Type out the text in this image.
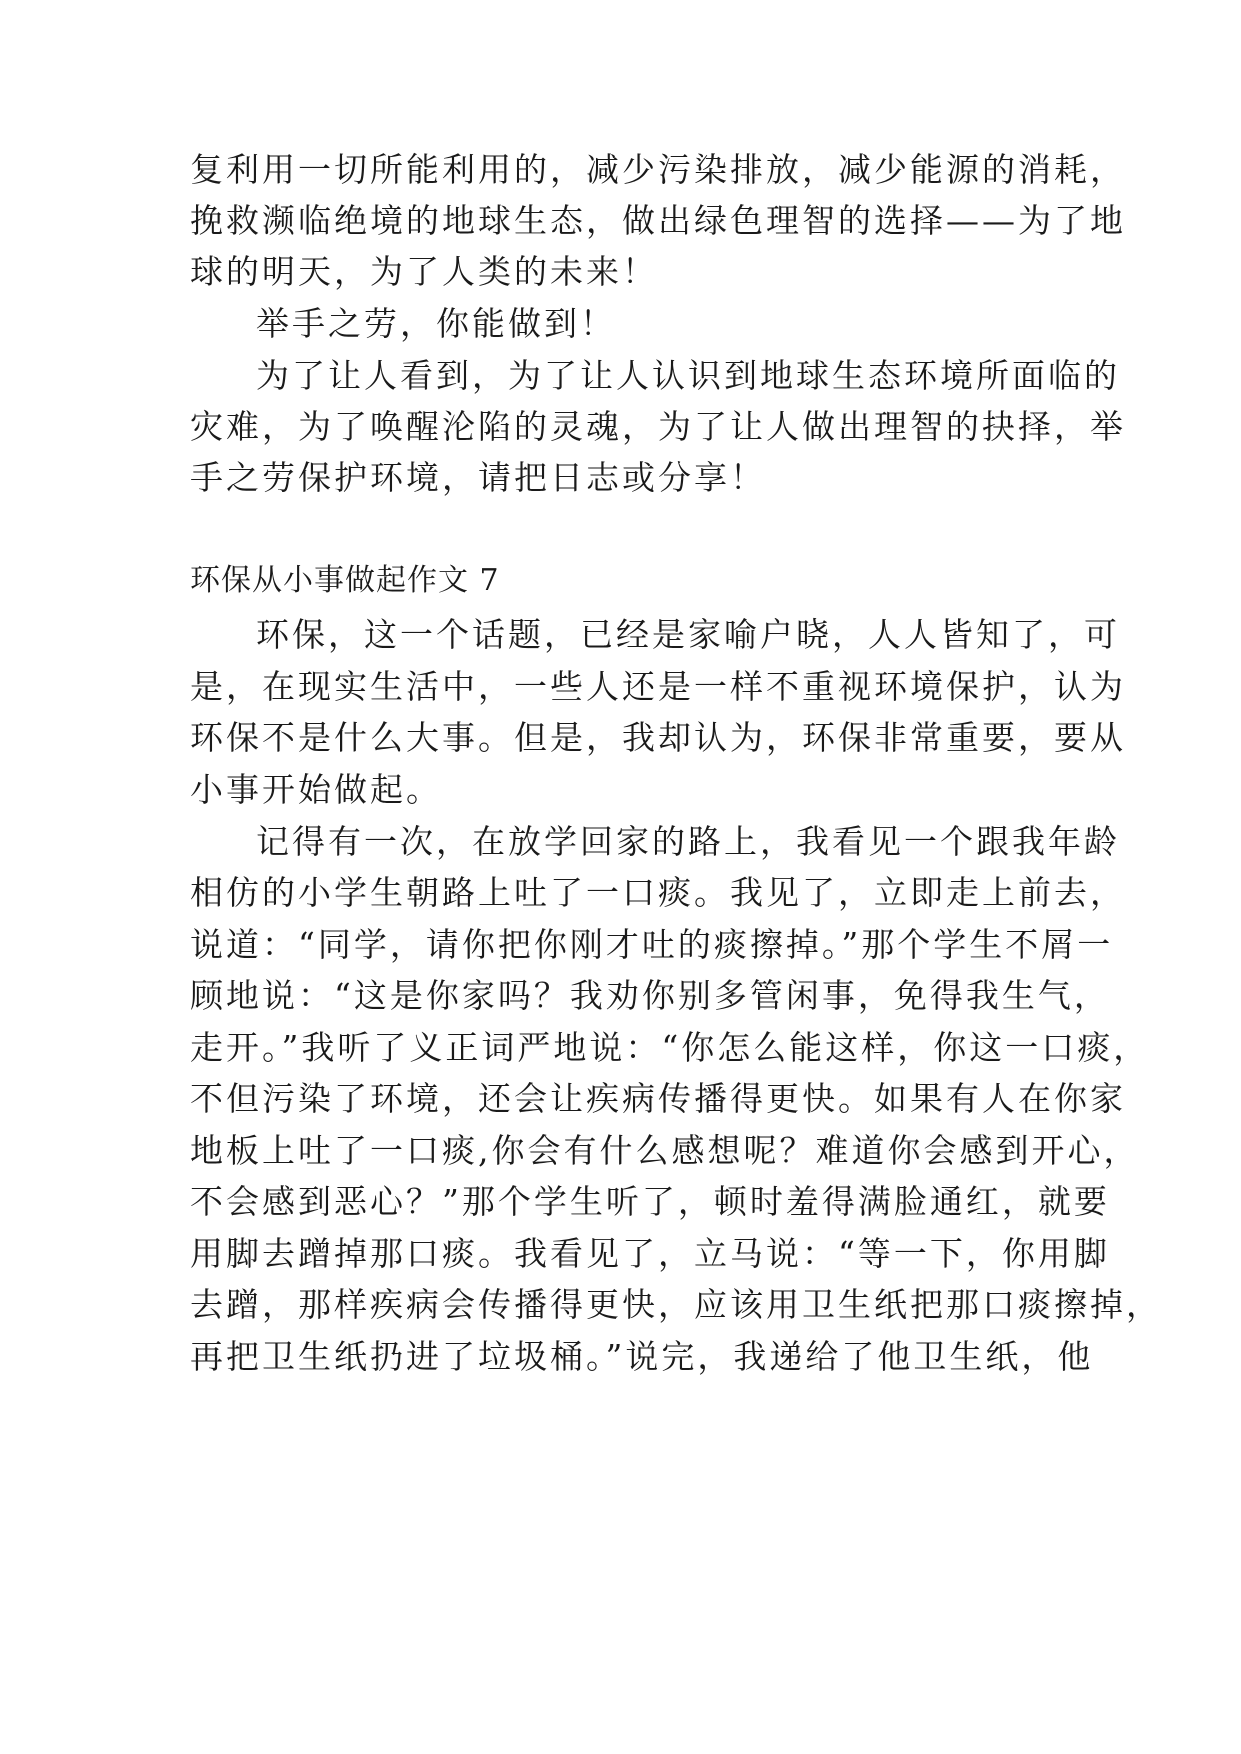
复利用一切所能利用的，减少污染排放，减少能源的消耗，
挽救濒临绝境的地球生态，做出绿色理智的选择——为了地
球的明天，为了人类的未来！
举手之劳，你能做到！
为了让人看到，为了让人认识到地球生态环境所面临的
灾难，为了唤醒沦陷的灵魂，为了让人做出理智的抉择，举
手之劳保护环境，请把日志或分享！
环保从小事做起作文 7
环保，这一个话题，已经是家喻户晓，人人皆知了，可
是，在现实生活中，一些人还是一样不重视环境保护，认为
环保不是什么大事。但是，我却认为，环保非常重要，要从
小事开始做起。
记得有一次，在放学回家的路上，我看见一个跟我年龄
相仿的小学生朝路上吐了一口痰。我见了，立即走上前去，
说道：“同学，请你把你刚才吐的痰擦掉。”那个学生不屑一
顾地说：“这是你家吗？我劝你别多管闲事，免得我生气，
走开。”我听了义正词严地说：“你怎么能这样，你这一口痰，
不但污染了环境，还会让疾病传播得更快。如果有人在你家
地板上吐了一口痰,你会有什么感想呢？难道你会感到开心，
不会感到恶心？”那个学生听了，顿时羞得满脸通红，就要
用脚去蹭掉那口痰。我看见了，立马说：“等一下，你用脚
去蹭，那样疾病会传播得更快，应该用卫生纸把那口痰擦掉，
再把卫生纸扔进了垃圾桶。”说完，我递给了他卫生纸，他
